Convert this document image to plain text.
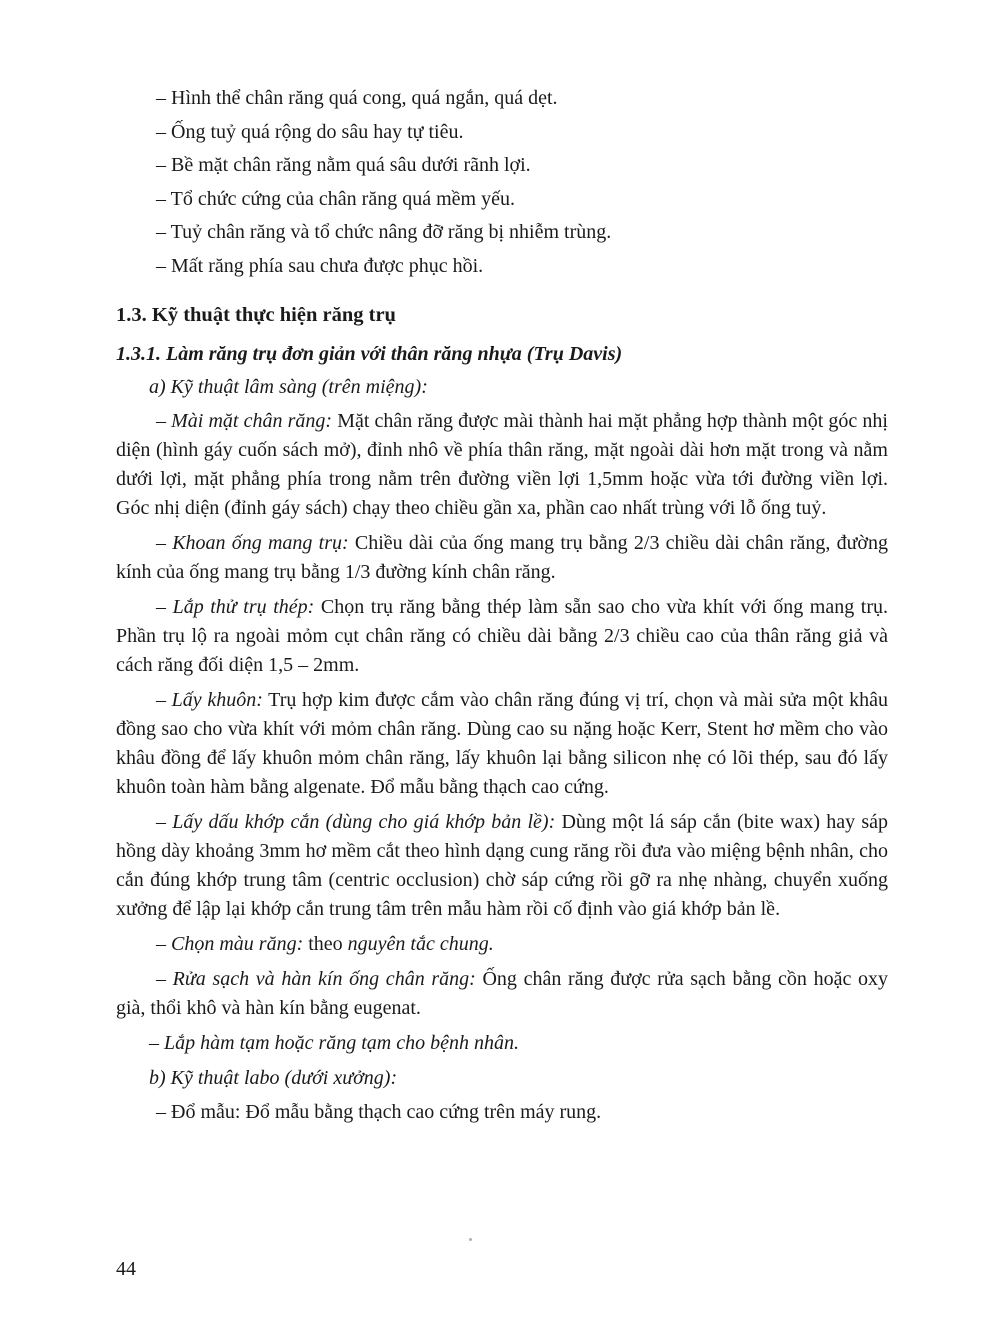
– Hình thể chân răng quá cong, quá ngắn, quá dẹt.
– Ống tuỷ quá rộng do sâu hay tự tiêu.
– Bề mặt chân răng nằm quá sâu dưới rãnh lợi.
– Tổ chức cứng của chân răng quá mềm yếu.
– Tuỷ chân răng và tổ chức nâng đỡ răng bị nhiễm trùng.
– Mất răng phía sau chưa được phục hồi.
1.3. Kỹ thuật thực hiện răng trụ
1.3.1. Làm răng trụ đơn giản với thân răng nhựa (Trụ Davis)
a) Kỹ thuật lâm sàng (trên miệng):

– Mài mặt chân răng: Mặt chân răng được mài thành hai mặt phẳng hợp thành một góc nhị diện (hình gáy cuốn sách mở), đỉnh nhô về phía thân răng, mặt ngoài dài hơn mặt trong và nằm dưới lợi, mặt phẳng phía trong nằm trên đường viền lợi 1,5mm hoặc vừa tới đường viền lợi. Góc nhị diện (đỉnh gáy sách) chạy theo chiều gần xa, phần cao nhất trùng với lỗ ống tuỷ.

– Khoan ống mang trụ: Chiều dài của ống mang trụ bằng 2/3 chiều dài chân răng, đường kính của ống mang trụ bằng 1/3 đường kính chân răng.

– Lắp thử trụ thép: Chọn trụ răng bằng thép làm sẵn sao cho vừa khít với ống mang trụ. Phần trụ lộ ra ngoài mỏm cụt chân răng có chiều dài bằng 2/3 chiều cao của thân răng giả và cách răng đối diện 1,5 – 2mm.

– Lấy khuôn: Trụ hợp kim được cắm vào chân răng đúng vị trí, chọn và mài sửa một khâu đồng sao cho vừa khít với mỏm chân răng. Dùng cao su nặng hoặc Kerr, Stent hơ mềm cho vào khâu đồng để lấy khuôn mỏm chân răng, lấy khuôn lại bằng silicon nhẹ có lõi thép, sau đó lấy khuôn toàn hàm bằng algenate. Đổ mẫu bằng thạch cao cứng.

– Lấy dấu khớp cắn (dùng cho giá khớp bản lề): Dùng một lá sáp cắn (bite wax) hay sáp hồng dày khoảng 3mm hơ mềm cắt theo hình dạng cung răng rồi đưa vào miệng bệnh nhân, cho cắn đúng khớp trung tâm (centric occlusion) chờ sáp cứng rồi gỡ ra nhẹ nhàng, chuyển xuống xưởng để lập lại khớp cắn trung tâm trên mẫu hàm rồi cố định vào giá khớp bản lề.

– Chọn màu răng: theo nguyên tắc chung.

– Rửa sạch và hàn kín ống chân răng: Ống chân răng được rửa sạch bằng cồn hoặc oxy già, thổi khô và hàn kín bằng eugenat.

– Lắp hàm tạm hoặc răng tạm cho bệnh nhân.
b) Kỹ thuật labo (dưới xưởng):
– Đổ mẫu: Đổ mẫu bằng thạch cao cứng trên máy rung.
44
